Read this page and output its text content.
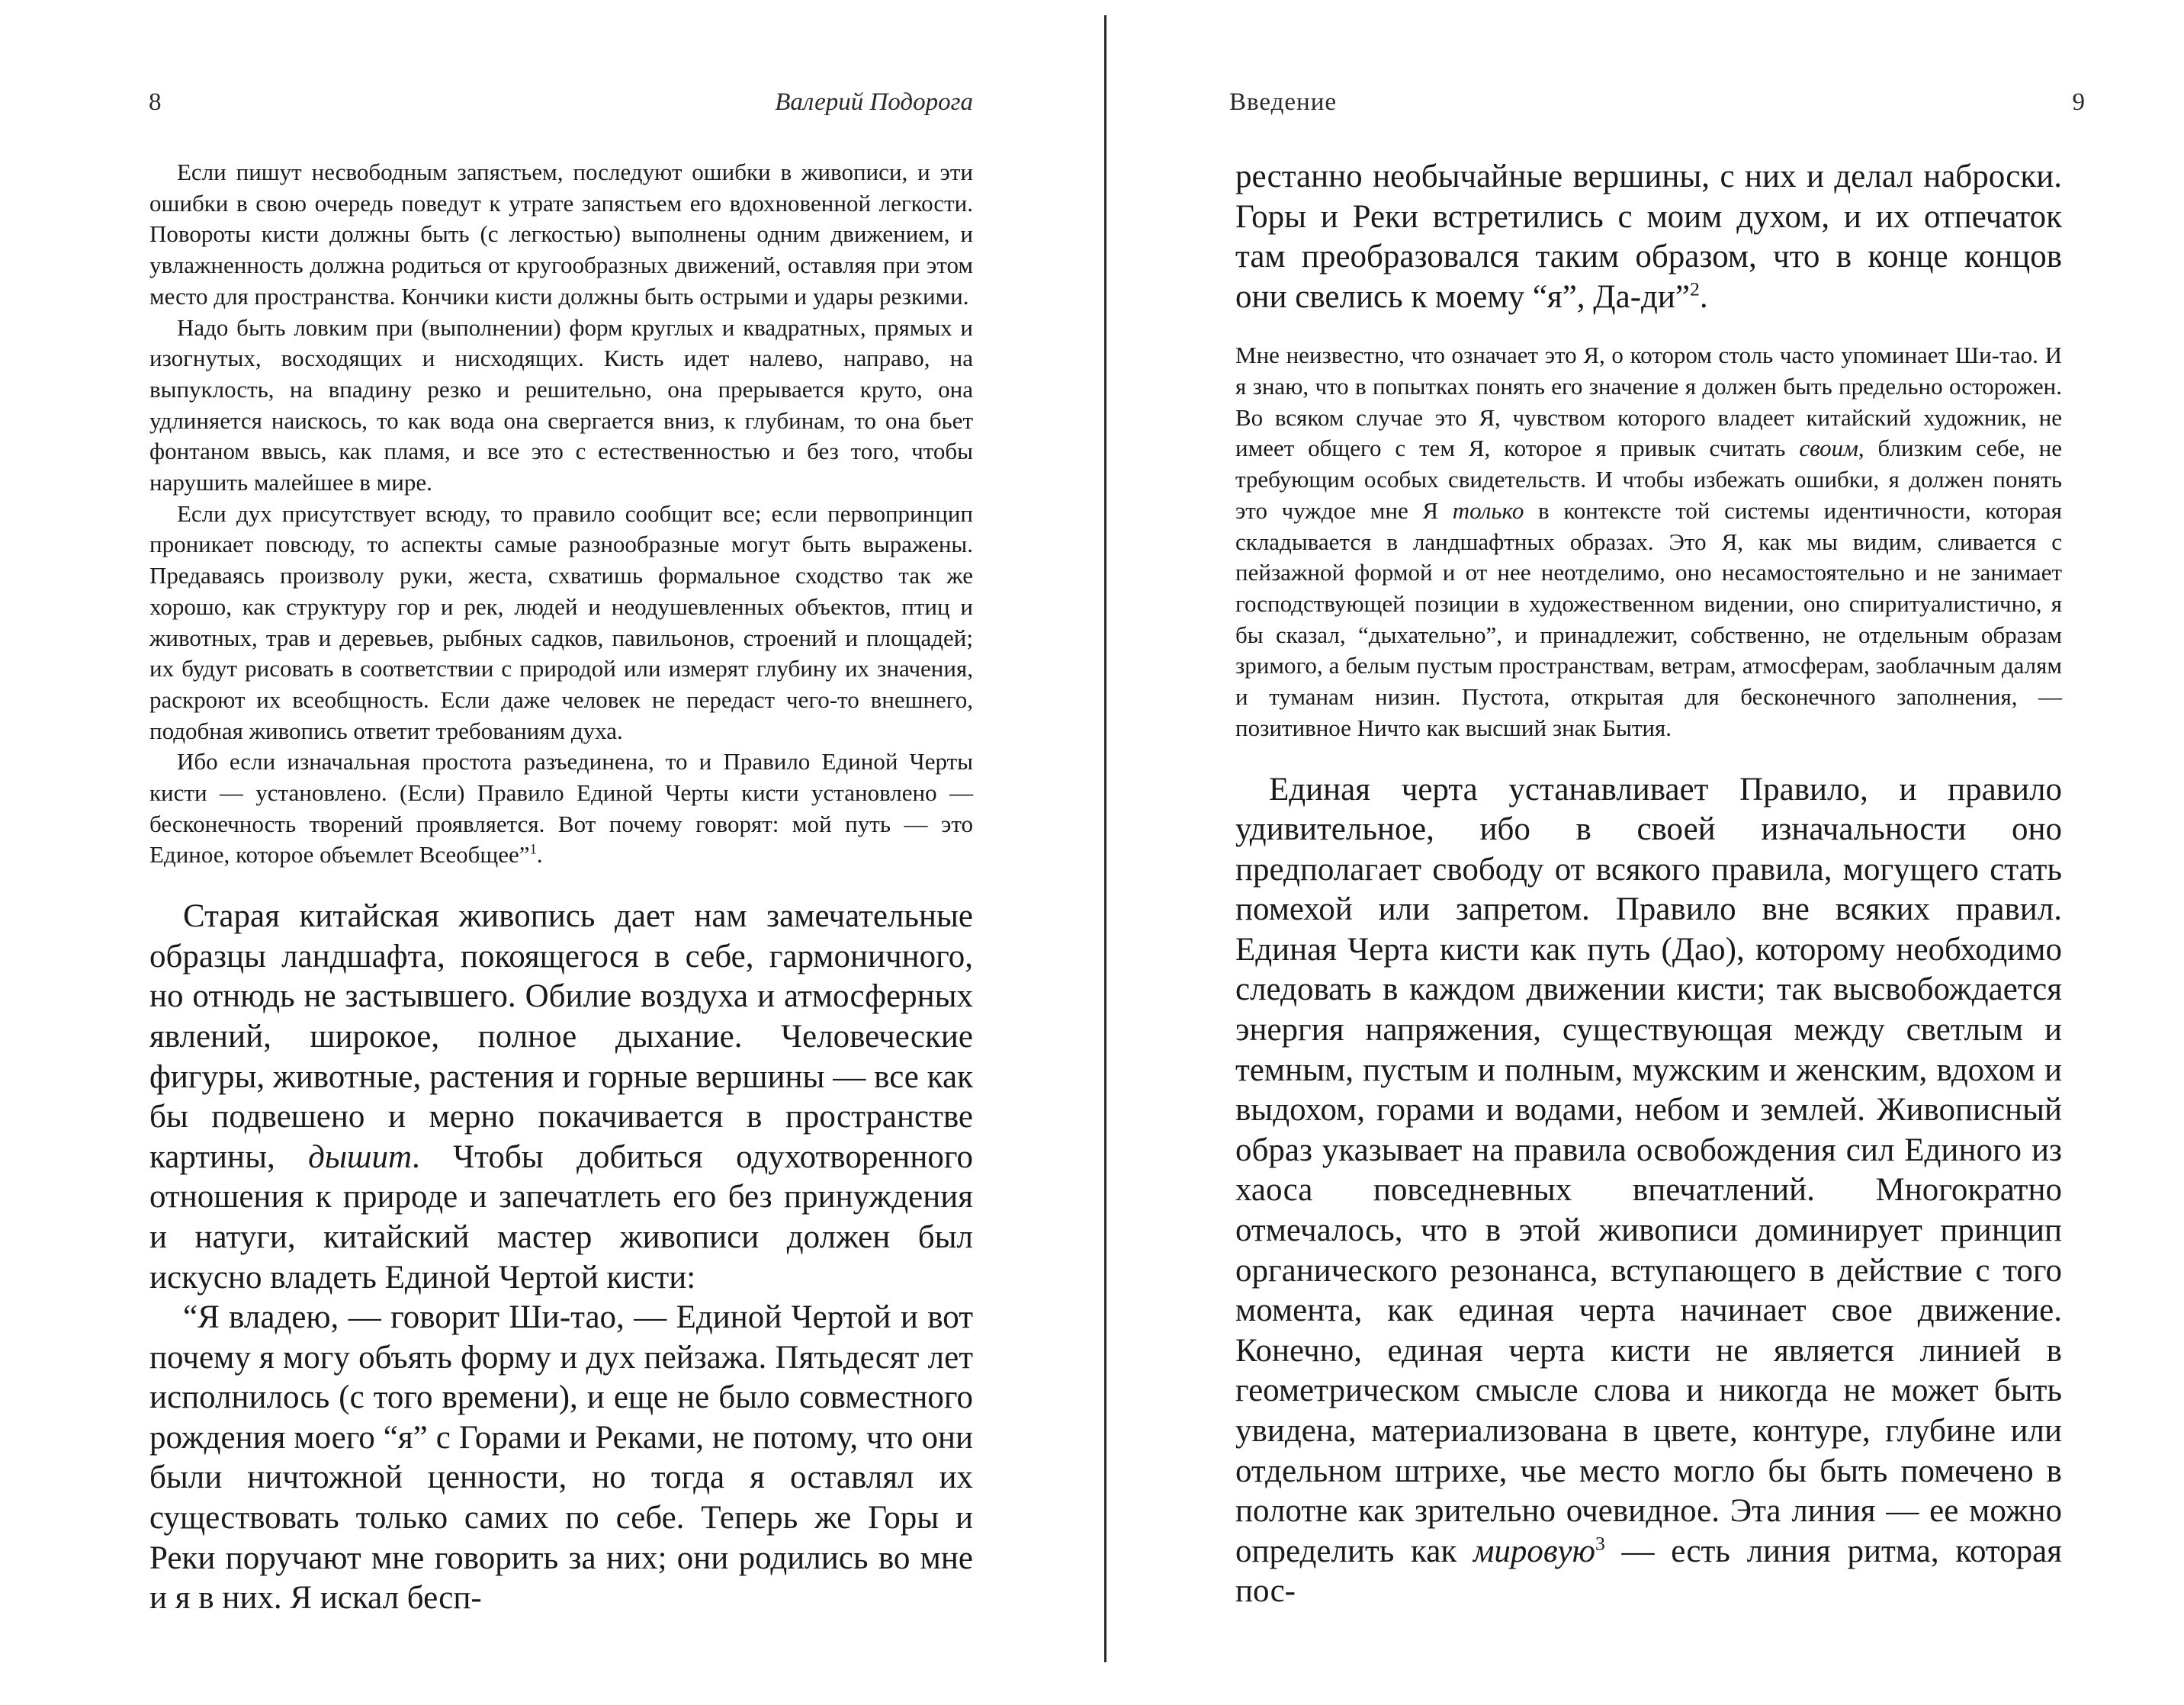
8	Валерий Подорога

Если пишут несвободным запястьем, последуют ошибки в живописи, и эти ошибки в свою очередь поведут к утрате запястьем его вдохновенной легкости. Повороты кисти должны быть (с легкостью) выполнены одним движением, и увлажненность должна родиться от кругообразных движений, оставляя при этом место для пространства. Кончики кисти должны быть острыми и удары резкими.

Надо быть ловким при (выполнении) форм круглых и квадратных, прямых и изогнутых, восходящих и нисходящих. Кисть идет налево, направо, на выпуклость, на впадину резко и решительно, она прерывается круто, она удлиняется наискось, то как вода она свергается вниз, к глубинам, то она бьет фонтаном ввысь, как пламя, и все это с естественностью и без того, чтобы нарушить малейшее в мире.

Если дух присутствует всюду, то правило сообщит все; если первопринцип проникает повсюду, то аспекты самые разнообразные могут быть выражены. Предаваясь произволу руки, жеста, схватишь формальное сходство так же хорошо, как структуру гор и рек, людей и неодушевленных объектов, птиц и животных, трав и деревьев, рыбных садков, павильонов, строений и площадей; их будут рисовать в соответствии с природой или измерят глубину их значения, раскроют их всеобщность. Если даже человек не передаст чего-то внешнего, подобная живопись ответит требованиям духа.

Ибо если изначальная простота разъединена, то и Правило Единой Черты кисти — установлено. (Если) Правило Единой Черты кисти установлено — бесконечность творений проявляется. Вот почему говорят: мой путь — это Единое, которое объемлет Всеобщее”$^1$.

Старая китайская живопись дает нам замечательные образцы ландшафта, покоящегося в себе, гармоничного, но отнюдь не застывшего. Обилие воздуха и атмосферных явлений, широкое, полное дыхание. Человеческие фигуры, животные, растения и горные вершины — все как бы подвешено и мерно покачивается в пространстве картины, дышит. Чтобы добиться одухотворенного отношения к природе и запечатлеть его без принуждения и натуги, китайский мастер живописи должен был искусно владеть Единой Чертой кисти:

“Я владею, — говорит Ши-тао, — Единой Чертой и вот почему я могу объять форму и дух пейзажа. Пятьдесят лет исполнилось (с того времени), и еще не было совместного рождения моего “я” с Горами и Реками, не потому, что они были ничтожной ценности, но тогда я оставлял их существовать только самих по себе. Теперь же Горы и Реки поручают мне говорить за них; они родились во мне и я в них. Я искал бесп-

Введение	9

рестанно необычайные вершины, с них и делал наброски. Горы и Реки встретились с моим духом, и их отпечаток там преобразовался таким образом, что в конце концов они свелись к моему “я”, Да-ди”$^2$.

Мне неизвестно, что означает это Я, о котором столь часто упоминает Ши-тао. И я знаю, что в попытках понять его значение я должен быть предельно осторожен. Во всяком случае это Я, чувством которого владеет китайский художник, не имеет общего с тем Я, которое я привык считать своим, близким себе, не требующим особых свидетельств. И чтобы избежать ошибки, я должен понять это чуждое мне Я только в контексте той системы идентичности, которая складывается в ландшафтных образах. Это Я, как мы видим, сливается с пейзажной формой и от нее неотделимо, оно несамостоятельно и не занимает господствующей позиции в художественном видении, оно спиритуалистично, я бы сказал, “дыхательно”, и принадлежит, собственно, не отдельным образам зримого, а белым пустым пространствам, ветрам, атмосферам, заоблачным далям и туманам низин. Пустота, открытая для бесконечного заполнения, — позитивное Ничто как высший знак Бытия.

Единая черта устанавливает Правило, и правило удивительное, ибо в своей изначальности оно предполагает свободу от всякого правила, могущего стать помехой или запретом. Правило вне всяких правил. Единая Черта кисти как путь (Дао), которому необходимо следовать в каждом движении кисти; так высвобождается энергия напряжения, существующая между светлым и темным, пустым и полным, мужским и женским, вдохом и выдохом, горами и водами, небом и землей. Живописный образ указывает на правила освобождения сил Единого из хаоса повседневных впечатлений. Многократно отмечалось, что в этой живописи доминирует принцип органического резонанса, вступающего в действие с того момента, как единая черта начинает свое движение. Конечно, единая черта кисти не является линией в геометрическом смысле слова и никогда не может быть увидена, материализована в цвете, контуре, глубине или отдельном штрихе, чье место могло бы быть помечено в полотне как зрительно очевидное. Эта линия — ее можно определить как мировую$^3$ — есть линия ритма, которая пос-
